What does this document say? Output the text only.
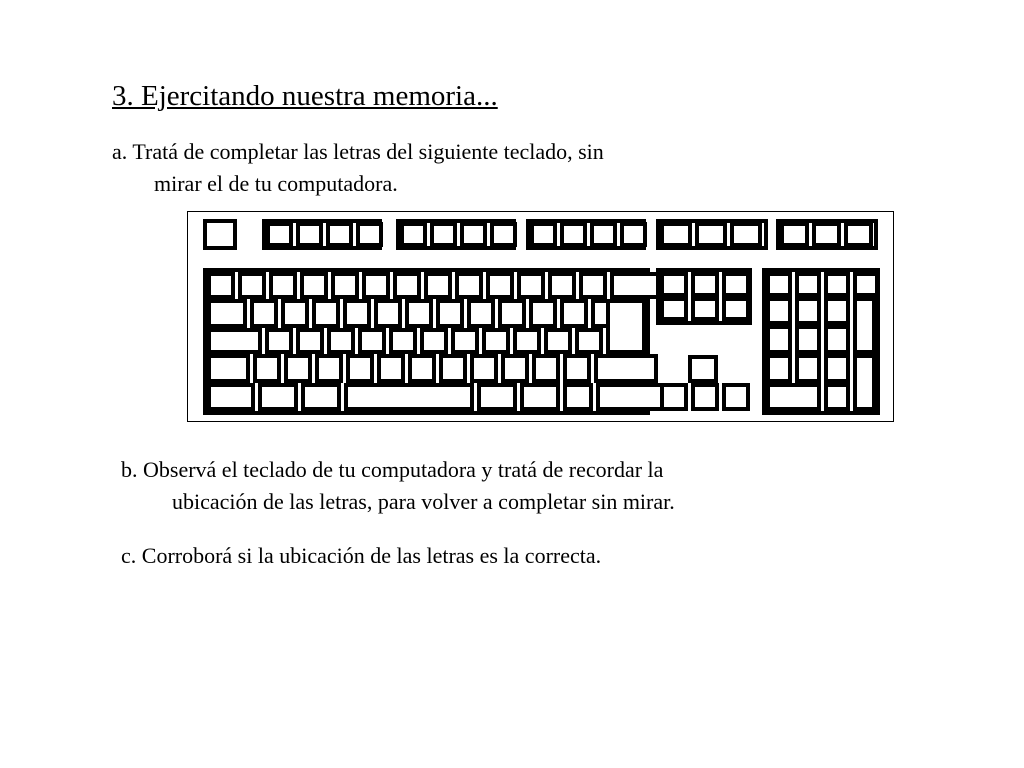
3. Ejercitando nuestra memoria...
a. Tratá de completar las letras del siguiente teclado, sin
mirar el de tu computadora.
b. Observá el teclado de tu computadora y tratá de recordar la
ubicación de las letras, para volver a completar sin mirar.
c. Corroborá si la ubicación de las letras es la correcta.
